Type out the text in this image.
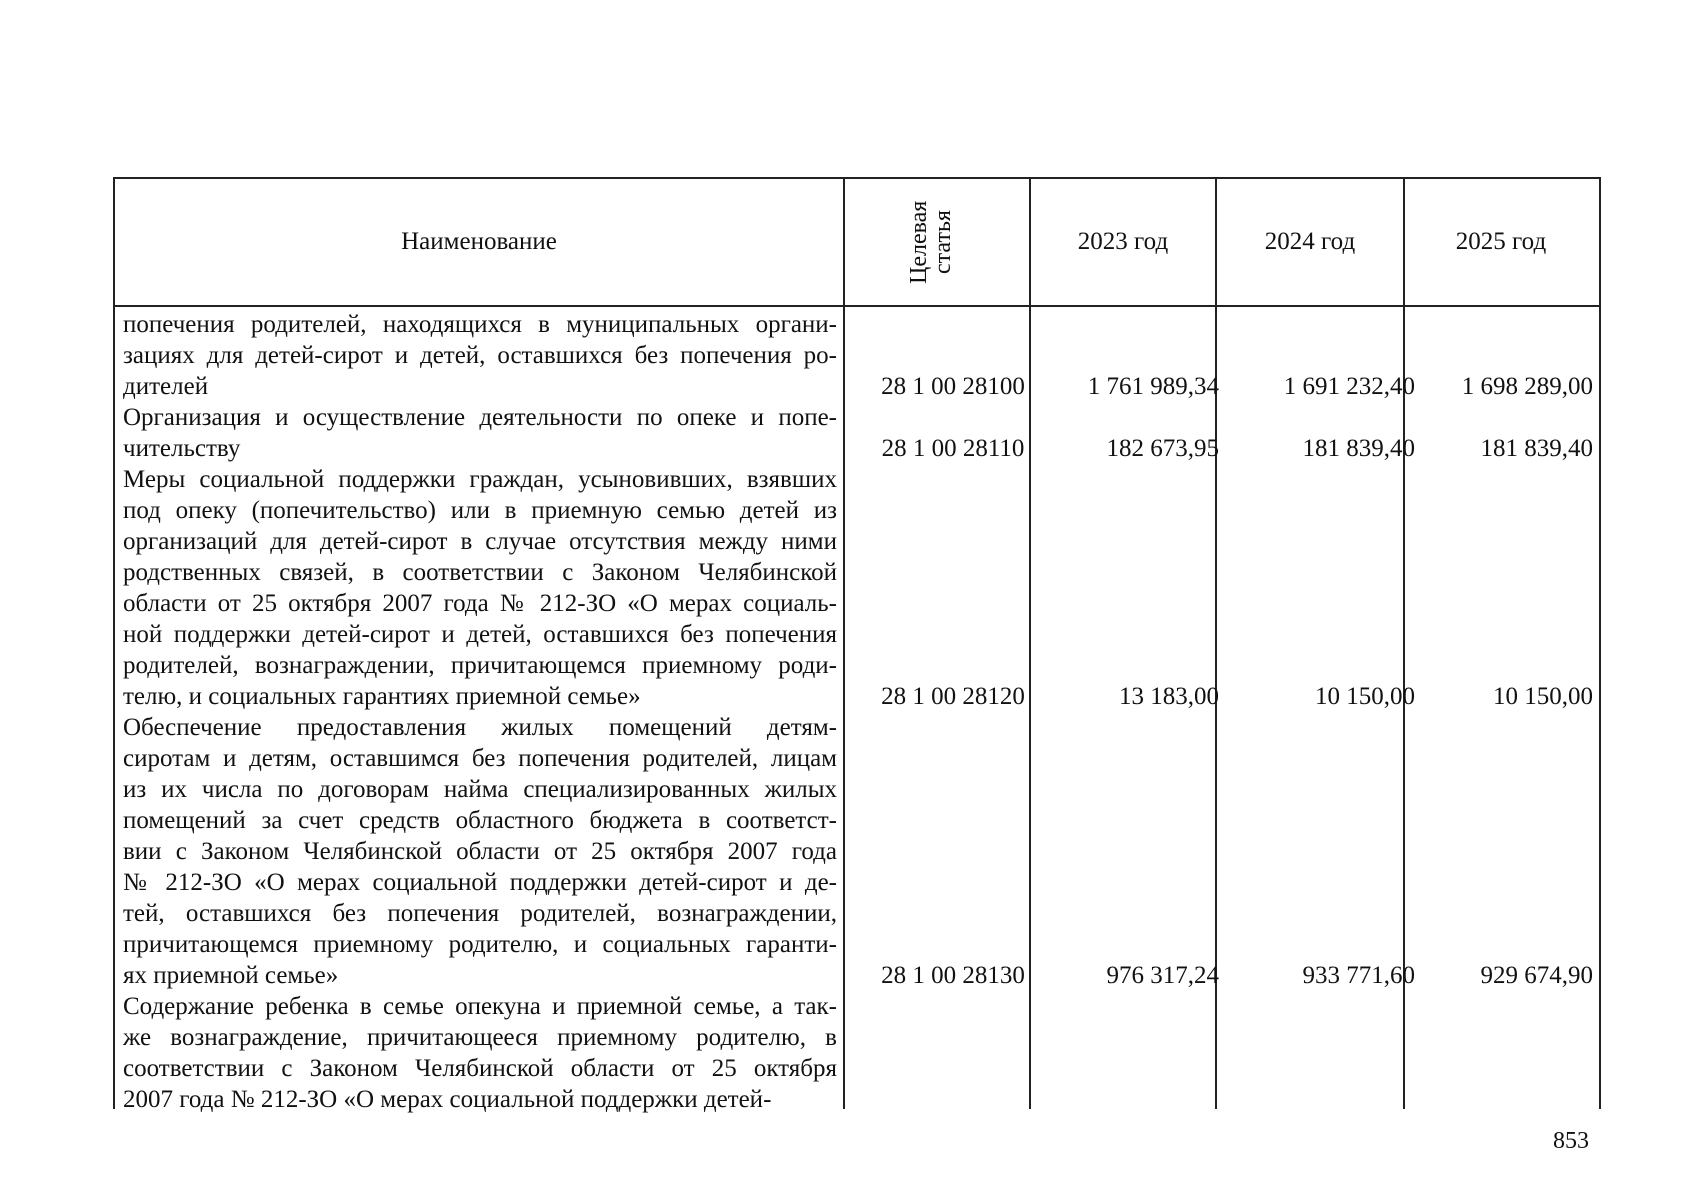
Наименование	Целевая статья	2023 год	2024 год	2025 год
попечения родителей, находящихся в муниципальных органи-
зациях для детей-сирот и детей, оставшихся без попечения ро-
дителей	28 1 00 28100	1 761 989,34	1 691 232,40	1 698 289,00
Организация и осуществление деятельности по опеке и попе-
чительству	28 1 00 28110	182 673,95	181 839,40	181 839,40
Меры социальной поддержки граждан, усыновивших, взявших
под опеку (попечительство) или в приемную семью детей из
организаций для детей-сирот в случае отсутствия между ними
родственных связей, в соответствии с Законом Челябинской
области от 25 октября 2007 года № 212-ЗО «О мерах социаль-
ной поддержки детей-сирот и детей, оставшихся без попечения
родителей, вознаграждении, причитающемся приемному роди-
телю, и социальных гарантиях приемной семье»	28 1 00 28120	13 183,00	10 150,00	10 150,00
Обеспечение предоставления жилых помещений детям-
сиротам и детям, оставшимся без попечения родителей, лицам
из их числа по договорам найма специализированных жилых
помещений за счет средств областного бюджета в соответст-
вии с Законом Челябинской области от 25 октября 2007 года
№ 212-ЗО «О мерах социальной поддержки детей-сирот и де-
тей, оставшихся без попечения родителей, вознаграждении,
причитающемся приемному родителю, и социальных гаранти-
ях приемной семье»	28 1 00 28130	976 317,24	933 771,60	929 674,90
Содержание ребенка в семье опекуна и приемной семье, а так-
же вознаграждение, причитающееся приемному родителю, в
соответствии с Законом Челябинской области от 25 октября
2007 года № 212-ЗО «О мерах социальной поддержки детей-
853
